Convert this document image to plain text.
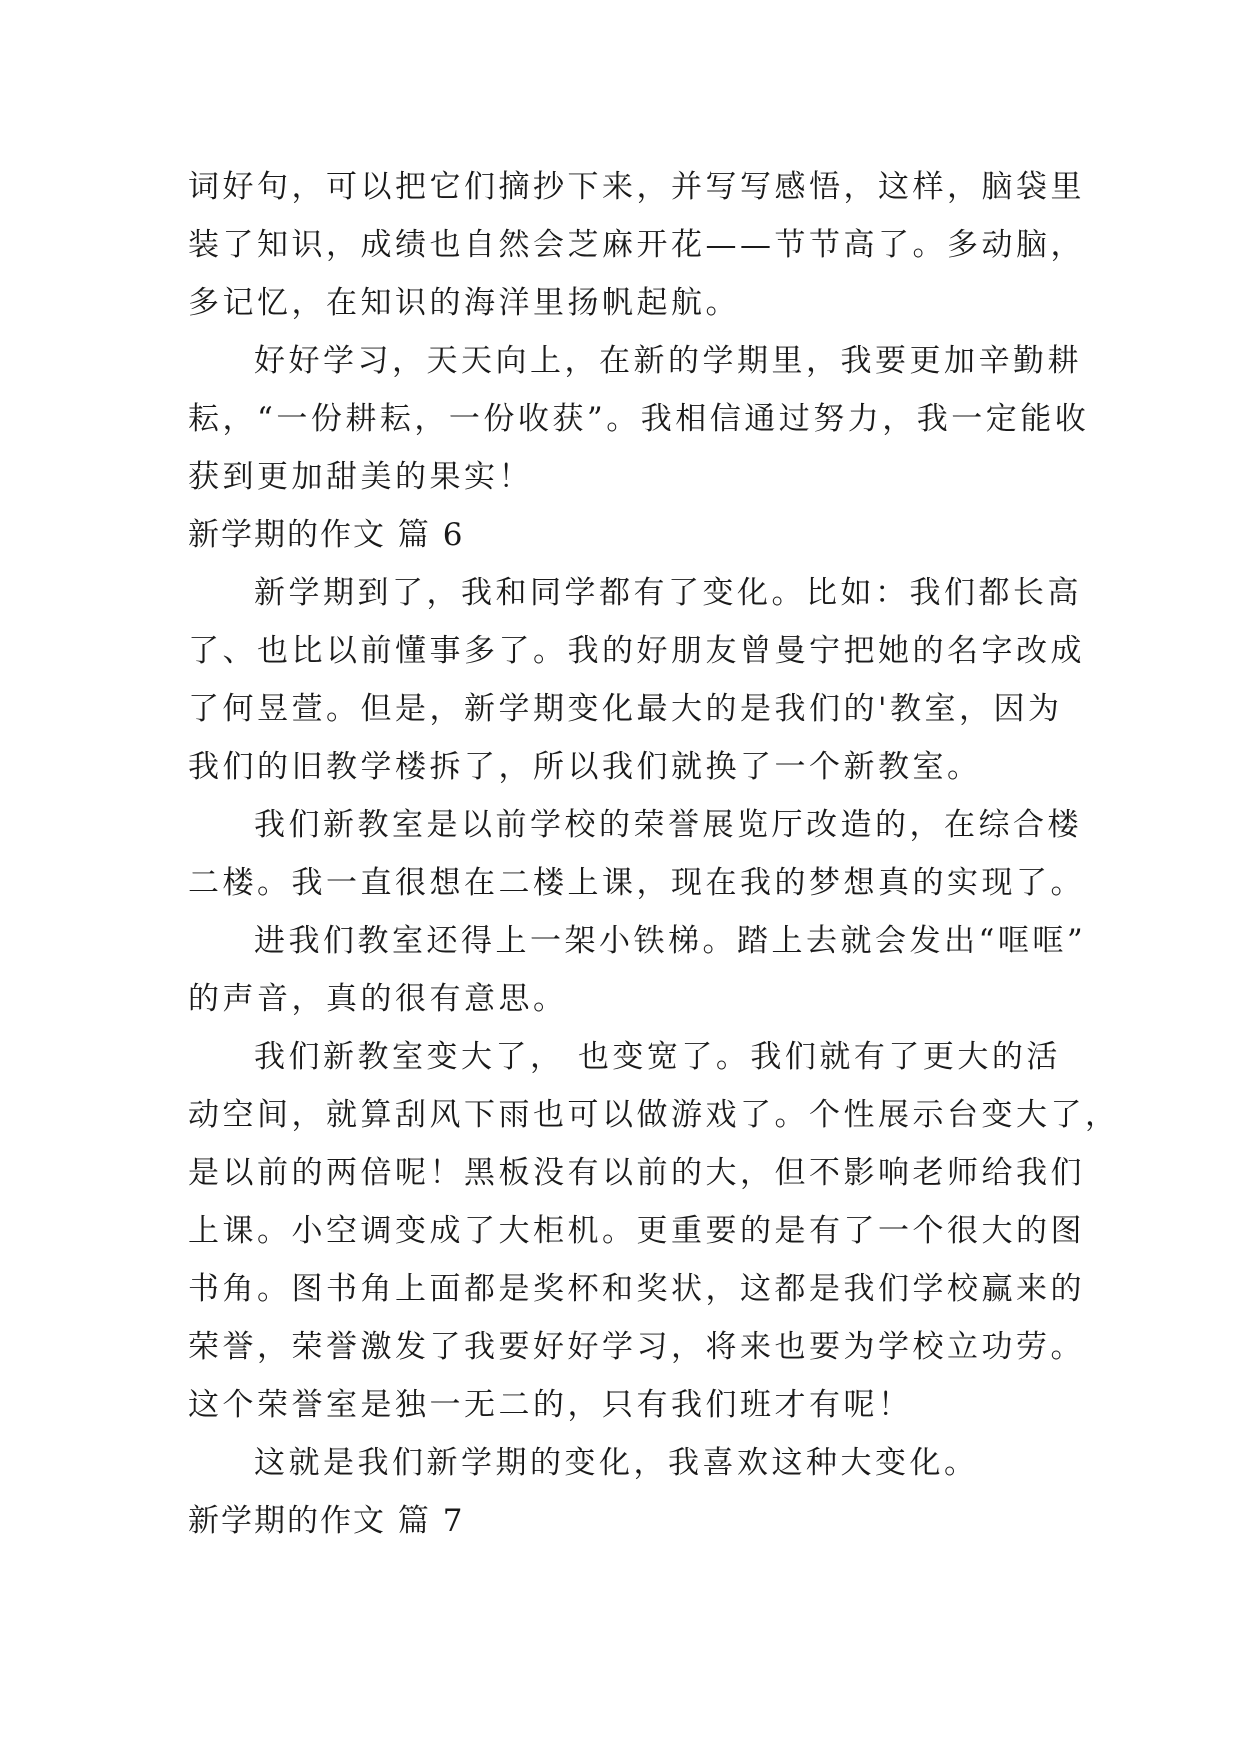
词好句，可以把它们摘抄下来，并写写感悟，这样，脑袋里
装了知识，成绩也自然会芝麻开花——节节高了。多动脑，
多记忆，在知识的海洋里扬帆起航。
好好学习，天天向上，在新的学期里，我要更加辛勤耕
耘，“一份耕耘，一份收获”。我相信通过努力，我一定能收
获到更加甜美的果实！
新学期的作文 篇 6
新学期到了，我和同学都有了变化。比如：我们都长高
了、也比以前懂事多了。我的好朋友曾曼宁把她的名字改成
了何昱萱。但是，新学期变化最大的是我们的'教室，因为
我们的旧教学楼拆了，所以我们就换了一个新教室。
我们新教室是以前学校的荣誉展览厅改造的，在综合楼
二楼。我一直很想在二楼上课，现在我的梦想真的实现了。
进我们教室还得上一架小铁梯。踏上去就会发出“哐哐”
的声音，真的很有意思。
我们新教室变大了， 也变宽了。我们就有了更大的活
动空间，就算刮风下雨也可以做游戏了。个性展示台变大了，
是以前的两倍呢！黑板没有以前的大，但不影响老师给我们
上课。小空调变成了大柜机。更重要的是有了一个很大的图
书角。图书角上面都是奖杯和奖状，这都是我们学校赢来的
荣誉，荣誉激发了我要好好学习，将来也要为学校立功劳。
这个荣誉室是独一无二的，只有我们班才有呢！
这就是我们新学期的变化，我喜欢这种大变化。
新学期的作文 篇 7
